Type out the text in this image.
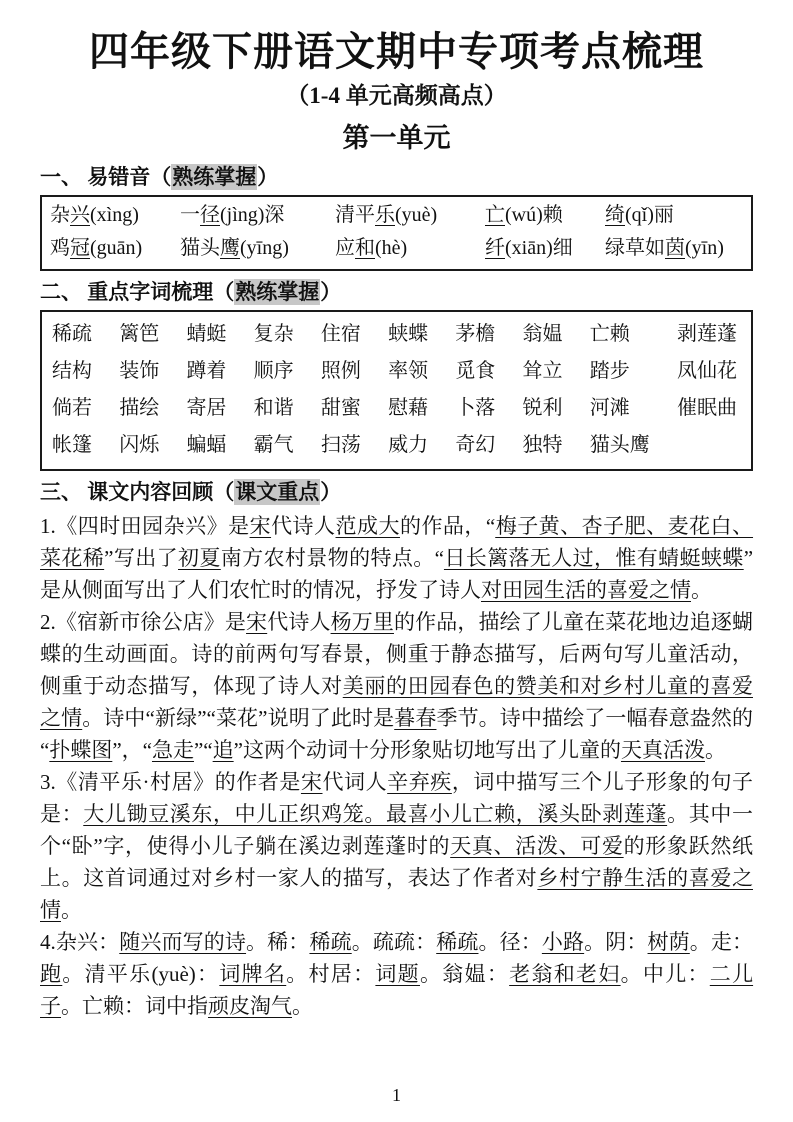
四年级下册语文期中专项考点梳理
（1-4 单元高频高点）
第一单元
一、 易错音（熟练掌握）
杂兴(xìng)	一径(jìng)深	清平乐(yuè)	亡(wú)赖	绮(qǐ)丽
鸡冠(guān)	猫头鹰(yīng)	应和(hè)	纤(xiān)细	绿草如茵(yīn)
二、 重点字词梳理（熟练掌握）
稀疏 篱笆 蜻蜓 复杂 住宿 蛱蝶 茅檐 翁媪 亡赖	剥莲蓬
结构 装饰 蹲着 顺序 照例 率领 觅食 耸立 踏步	凤仙花
倘若 描绘 寄居 和谐 甜蜜 慰藉 卜落 锐利 河滩	催眠曲
帐篷 闪烁 蝙蝠 霸气 扫荡 威力 奇幻 独特 猫头鹰
三、 课文内容回顾（课文重点）

1.《四时田园杂兴》是宋代诗人范成大的作品，“梅子黄、杏子肥、麦花白、菜花稀”写出了初夏南方农村景物的特点。“日长篱落无人过，惟有蜻蜓蛱蝶”是从侧面写出了人们农忙时的情况，抒发了诗人对田园生活的喜爱之情。

2.《宿新市徐公店》是宋代诗人杨万里的作品，描绘了儿童在菜花地边追逐蝴蝶的生动画面。诗的前两句写春景，侧重于静态描写，后两句写儿童活动，侧重于动态描写，体现了诗人对美丽的田园春色的赞美和对乡村儿童的喜爱之情。诗中“新绿”“菜花”说明了此时是暮春季节。诗中描绘了一幅春意盎然的“扑蝶图”，“急走”“追”这两个动词十分形象贴切地写出了儿童的天真活泼。

3.《清平乐·村居》的作者是宋代词人辛弃疾，词中描写三个儿子形象的句子是：大儿锄豆溪东，中儿正织鸡笼。最喜小儿亡赖，溪头卧剥莲蓬。其中一个“卧”字，使得小儿子躺在溪边剥莲蓬时的天真、活泼、可爱的形象跃然纸上。这首词通过对乡村一家人的描写，表达了作者对乡村宁静生活的喜爱之情。

4.杂兴：随兴而写的诗。稀：稀疏。疏疏：稀疏。径：小路。阴：树荫。走：跑。清平乐(yuè)：词牌名。村居：词题。翁媪：老翁和老妇。中儿：二儿子。亡赖：词中指顽皮淘气。

1
